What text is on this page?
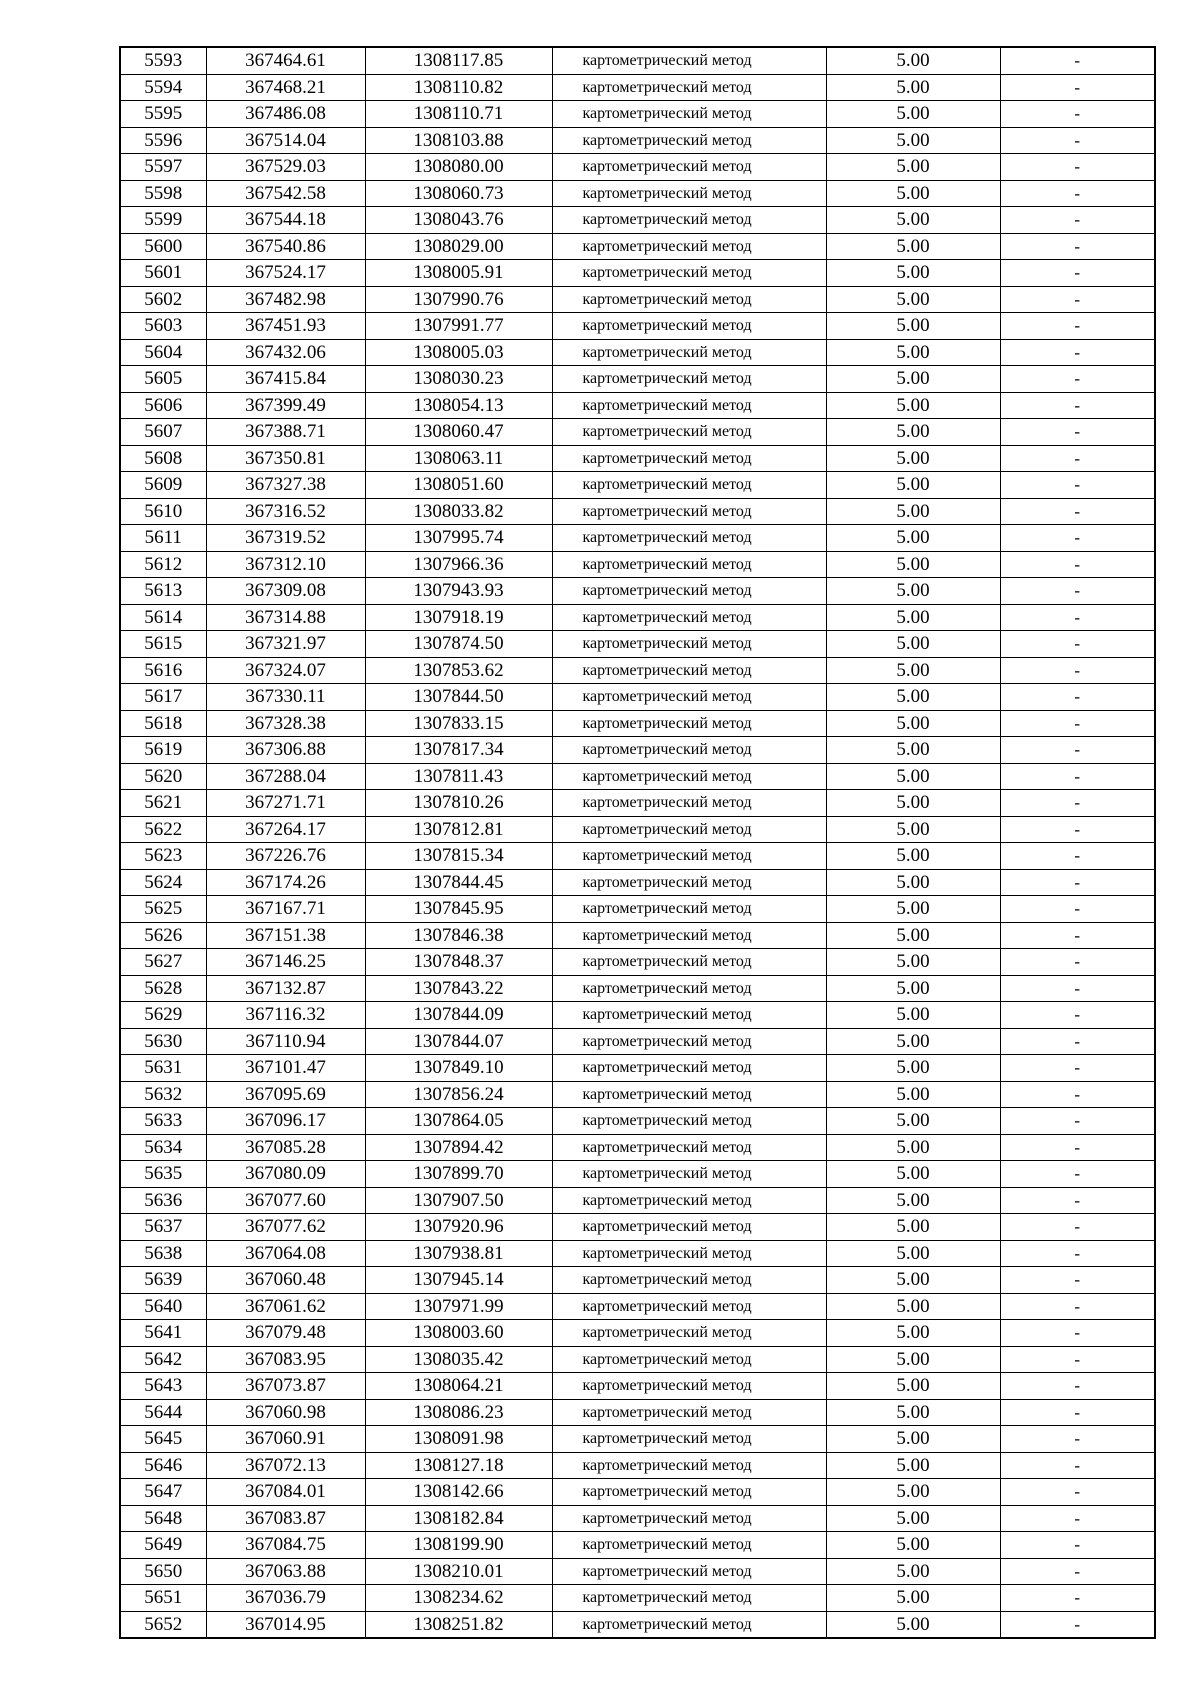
5593	367464.61	1308117.85	картометрический метод	5.00	-
5594	367468.21	1308110.82	картометрический метод	5.00	-
5595	367486.08	1308110.71	картометрический метод	5.00	-
5596	367514.04	1308103.88	картометрический метод	5.00	-
5597	367529.03	1308080.00	картометрический метод	5.00	-
5598	367542.58	1308060.73	картометрический метод	5.00	-
5599	367544.18	1308043.76	картометрический метод	5.00	-
5600	367540.86	1308029.00	картометрический метод	5.00	-
5601	367524.17	1308005.91	картометрический метод	5.00	-
5602	367482.98	1307990.76	картометрический метод	5.00	-
5603	367451.93	1307991.77	картометрический метод	5.00	-
5604	367432.06	1308005.03	картометрический метод	5.00	-
5605	367415.84	1308030.23	картометрический метод	5.00	-
5606	367399.49	1308054.13	картометрический метод	5.00	-
5607	367388.71	1308060.47	картометрический метод	5.00	-
5608	367350.81	1308063.11	картометрический метод	5.00	-
5609	367327.38	1308051.60	картометрический метод	5.00	-
5610	367316.52	1308033.82	картометрический метод	5.00	-
5611	367319.52	1307995.74	картометрический метод	5.00	-
5612	367312.10	1307966.36	картометрический метод	5.00	-
5613	367309.08	1307943.93	картометрический метод	5.00	-
5614	367314.88	1307918.19	картометрический метод	5.00	-
5615	367321.97	1307874.50	картометрический метод	5.00	-
5616	367324.07	1307853.62	картометрический метод	5.00	-
5617	367330.11	1307844.50	картометрический метод	5.00	-
5618	367328.38	1307833.15	картометрический метод	5.00	-
5619	367306.88	1307817.34	картометрический метод	5.00	-
5620	367288.04	1307811.43	картометрический метод	5.00	-
5621	367271.71	1307810.26	картометрический метод	5.00	-
5622	367264.17	1307812.81	картометрический метод	5.00	-
5623	367226.76	1307815.34	картометрический метод	5.00	-
5624	367174.26	1307844.45	картометрический метод	5.00	-
5625	367167.71	1307845.95	картометрический метод	5.00	-
5626	367151.38	1307846.38	картометрический метод	5.00	-
5627	367146.25	1307848.37	картометрический метод	5.00	-
5628	367132.87	1307843.22	картометрический метод	5.00	-
5629	367116.32	1307844.09	картометрический метод	5.00	-
5630	367110.94	1307844.07	картометрический метод	5.00	-
5631	367101.47	1307849.10	картометрический метод	5.00	-
5632	367095.69	1307856.24	картометрический метод	5.00	-
5633	367096.17	1307864.05	картометрический метод	5.00	-
5634	367085.28	1307894.42	картометрический метод	5.00	-
5635	367080.09	1307899.70	картометрический метод	5.00	-
5636	367077.60	1307907.50	картометрический метод	5.00	-
5637	367077.62	1307920.96	картометрический метод	5.00	-
5638	367064.08	1307938.81	картометрический метод	5.00	-
5639	367060.48	1307945.14	картометрический метод	5.00	-
5640	367061.62	1307971.99	картометрический метод	5.00	-
5641	367079.48	1308003.60	картометрический метод	5.00	-
5642	367083.95	1308035.42	картометрический метод	5.00	-
5643	367073.87	1308064.21	картометрический метод	5.00	-
5644	367060.98	1308086.23	картометрический метод	5.00	-
5645	367060.91	1308091.98	картометрический метод	5.00	-
5646	367072.13	1308127.18	картометрический метод	5.00	-
5647	367084.01	1308142.66	картометрический метод	5.00	-
5648	367083.87	1308182.84	картометрический метод	5.00	-
5649	367084.75	1308199.90	картометрический метод	5.00	-
5650	367063.88	1308210.01	картометрический метод	5.00	-
5651	367036.79	1308234.62	картометрический метод	5.00	-
5652	367014.95	1308251.82	картометрический метод	5.00	-
